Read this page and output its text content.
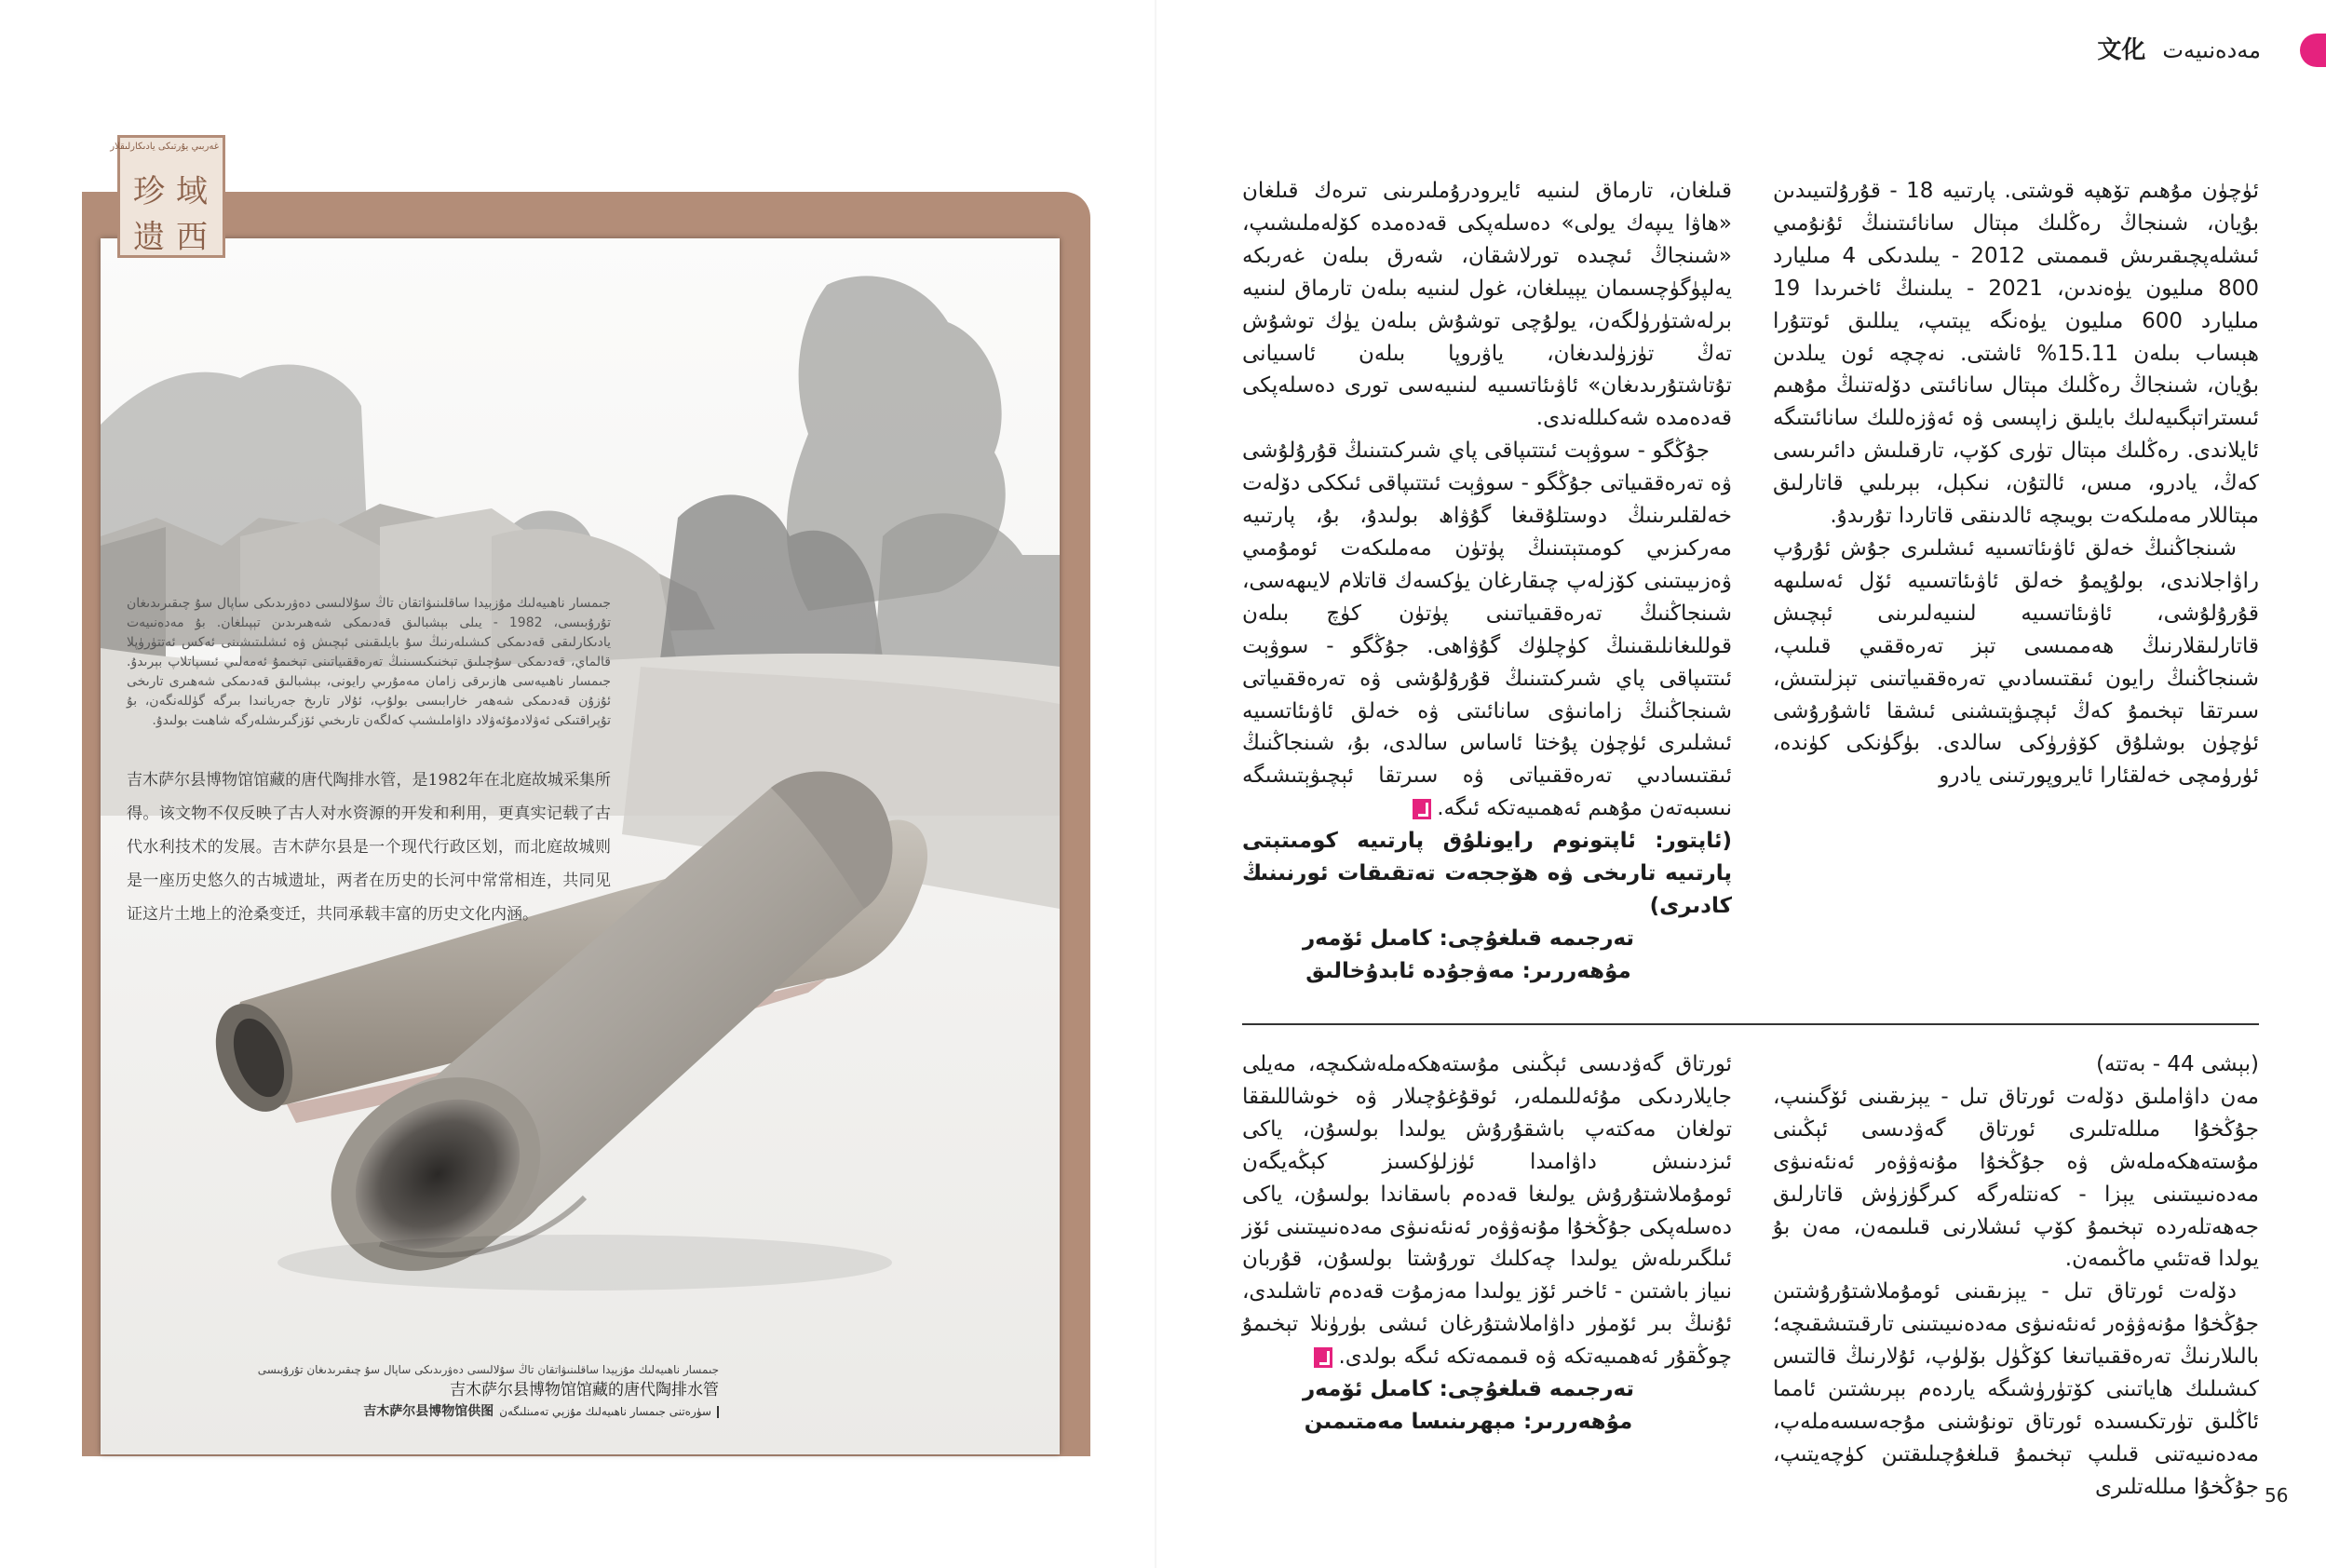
文化 مەدەنىيەت
غەربىي يۇرتىكى يادىكارلىقلار
珍 域
遗 西
جىمسار ناھىيەلىك مۇزېيدا ساقلىنىۋاتقان تاڭ سۇلالىسى دەۋرىدىكى ساپال سۇ چىقىرىدىغان تۇرۇبىسى، 1982 - يىلى بېشبالىق قەدىمكى شەھىرىدىن تېپىلغان. بۇ مەدەنىيەت يادىكارلىقى قەدىمكى كىشىلەرنىڭ سۇ بايلىقىنى ئېچىش ۋە ئىشلىتىشىنى ئەكس ئەتتۈرۈپلا قالماي، قەدىمكى سۇچىلىق تېخنىكىسىنىڭ تەرەققىياتىنى تېخىمۇ ئەمەلىي ئىسپاتلاپ بېرىدۇ. جىمسار ناھىيەسى ھازىرقى زامان مەمۇرىي رايونى، بېشبالىق قەدىمكى شەھىرى تارىخى ئۇزۇن قەدىمكى شەھەر خارابىسى بولۇپ، ئۇلار تارىخ جەريانىدا بىرگە گۈللەنگەن، بۇ تۇپراقتىكى ئەۋلادمۇئەۋلاد داۋاملىشىپ كەلگەن تارىخىي ئۆزگىرىشلەرگە شاھىت بولىدۇ.
吉木萨尔县博物馆馆藏的唐代陶排水管，是1982年在北庭故城采集所得。该文物不仅反映了古人对水资源的开发和利用，更真实记载了古代水利技术的发展。吉木萨尔县是一个现代行政区划，而北庭故城则是一座历史悠久的古城遗址，两者在历史的长河中常常相连，共同见证这片土地上的沧桑变迁，共同承载丰富的历史文化内涵。
جىمسار ناھىيەلىك مۇزېيدا ساقلىنىۋاتقان تاڭ سۇلالىسى دەۋرىدىكى ساپال سۇ چىقىرىدىغان تۇرۇبىسى
吉木萨尔县博物馆馆藏的唐代陶排水管
吉木萨尔县博物馆供图 سۈرەتنى جىمسار ناھىيەلىك مۇزېي تەمىنلىگەن

ئۈچۈن مۇھىم تۆھپە قوشتى. پارتىيە 18 - قۇرۇلتىيىدىن بۇيان، شىنجاڭ رەڭلىك مېتال سانائىتىنىڭ ئۇنۇمىي ئىشلەپچىقىرىش قىممىتى 2012 - يىلىدىكى 4 مىليارد 800 مىليون يۈەندىن، 2021 - يىلىنىڭ ئاخىرىدا 19 مىليارد 600 مىليون يۈەنگە يېتىپ، يىللىق ئوتتۇرا ھېساب بىلەن 15.11% ئاشتى. نەچچە ئون يىلدىن بۇيان، شىنجاڭ رەڭلىك مېتال سانائىتى دۆلەتنىڭ مۇھىم ئىستراتېگىيەلىك بايلىق زاپىسى ۋە ئەۋزەللىك سانائىتىگە ئايلاندى. رەڭلىك مېتال تۈرى كۆپ، تارقىلىش دائىرىسى كەڭ، يادرو، مىس، ئالتۇن، نىكېل، بېرىلىي قاتارلىق مېتاللار مەملىكەت بويىچە ئالدىنقى قاتاردا تۇرىدۇ.

شىنجاڭنىڭ خەلق ئاۋىئاتسىيە ئىشلىرى جۇش ئۇرۇپ راۋاجلاندى، بولۇپمۇ خەلق ئاۋىئاتسىيە ئۆل ئەسلىھە قۇرۇلۇشى، ئاۋىئاتسىيە لىنىيەلىرىنى ئېچىش قاتارلىقلارنىڭ ھەممىسى تېز تەرەققىي قىلىپ، شىنجاڭنىڭ رايون ئىقتىسادىي تەرەققىياتىنى تېزلىتىش، سىرتقا تېخىمۇ كەڭ ئېچىۋېتىشنى ئىشقا ئاشۇرۇشى ئۈچۈن بوشلۇق كۆۋرۈكى سالدى. بۈگۈنكى كۈندە، ئۈرۈمچى خەلقئارا ئايروپورتىنى يادرو

قىلغان، تارماق لىنىيە ئايرودرۇملىرىنى تىرەك قىلغان «ھاۋا يىپەك يولى» دەسلەپكى قەدەمدە كۆلەملىشىپ، «شىنجاڭ ئىچىدە تورلاشقان، شەرق بىلەن غەربكە يەلپۈگۈچسىمان يېيىلغان، غول لىنىيە بىلەن تارماق لىنىيە برلەشتۈرۈلگەن، يولۇچى توشۇش بىلەن يۈك توشۇش تەڭ تۈزۈلىدىغان، ياۋروپا بىلەن ئاسىيانى تۇتاشتۇرىدىغان» ئاۋىئاتسىيە لىنىيەسى تورى دەسلەپكى قەدەمدە شەكىللەندى.

جۇڭگو - سوۋېت ئىتتىپاقى پاي شىركىتىنىڭ قۇرۇلۇشى ۋە تەرەققىياتى جۇڭگو - سوۋېت ئىتتىپاقى ئىككى دۆلەت خەلقلىرىنىڭ دوستلۇقىغا گۇۋاھ بولىدۇ، بۇ، پارتىيە مەركىزىي كومىتېتىنىڭ پۈتۈن مەملىكەت ئومۇمىي ۋەزىيىتىنى كۆزلەپ چىقارغان يۈكسەك قاتلام لايىھەسى، شىنجاڭنىڭ تەرەققىياتىنى پۈتۈن كۈچ بىلەن قوللىغانلىقىنىڭ كۈچلۈك گۇۋاھى. جۇڭگو - سوۋېت ئىتتىپاقى پاي شىركىتىنىڭ قۇرۇلۇشى ۋە تەرەققىياتى شىنجاڭنىڭ زامانىۋى سانائىتى ۋە خەلق ئاۋىئاتسىيە ئىشلىرى ئۈچۈن پۇختا ئاساس سالدى، بۇ، شىنجاڭنىڭ ئىقتىسادىي تەرەققىياتى ۋە سىرتقا ئېچىۋېتىشىگە نىسبەتەن مۇھىم ئەھمىيەتكە ئىگە.

(ئاپتور: ئاپتونوم رايونلۇق پارتىيە كومىتېتى پارتىيە تارىخى ۋە ھۆججەت تەتقىقات ئورنىنىڭ كادىرى)

تەرجىمە قىلغۇچى: كامىل ئۆمەر

مۇھەررىر: مەۋجۇدە ئابدۇخالىق

(بېشى 44 - بەتتە)

مەن داۋاملىق دۆلەت ئورتاق تىل - يېزىقىنى ئۆگىنىپ، جۇڭخۇا مىللەتلىرى ئورتاق گەۋدىسى ئېڭىنى مۇستەھكەملەش ۋە جۇڭخۇا مۇنەۋۋەر ئەنئەنىۋى مەدەنىيىتىنى يېزا - كەنتلەرگە كىرگۈزۈش قاتارلىق جەھەتلەردە تېخىمۇ كۆپ ئىشلارنى قىلىمەن، مەن بۇ يولدا قەتئىي ماڭىمەن.

دۆلەت ئورتاق تىل - يېزىقىنى ئومۇملاشتۇرۇشتىن جۇڭخۇا مۇنەۋۋەر ئەنئەنىۋى مەدەنىيىتىنى تارقىتىشقىچە؛ بالىلارنىڭ تەرەققىياتىغا كۆڭۈل بۆلۈپ، ئۇلارنىڭ قالتىس كىشىلىك ھاياتىنى كۆتۈرۈشىگە ياردەم بېرىشتىن ئامما ئاڭلىق تۈرتكىسىدە ئورتاق تونۇشنى مۇجەسسەملەپ، مەدەنىيەتنى قىلىپ تېخىمۇ قىلغۇچىلىقتىن كۈچەيتىپ، جۇڭخۇا مىللەتلىرى

ئورتاق گەۋدىسى ئېڭىنى مۇستەھكەملەشكىچە، مەيلى جايلاردىكى مۇئەللىملەر، ئوقۇغۇچىلار ۋە خوشاللىققا تولغان مەكتەپ باشقۇرۇش يولىدا بولسۇن، ياكى ئىزدىنىش داۋامىدا ئۈزلۈكسىز كېڭەيگەن ئومۇملاشتۇرۇش يولىغا قەدەم باسقاندا بولسۇن، ياكى دەسلەپكى جۇڭخۇا مۇنەۋۋەر ئەنئەنىۋى مەدەنىيىتىنى ئۆز ئىلگىرىلەش يولىدا چەكلىك تورۇشتا بولسۇن، قۇربان نىياز باشتىن - ئاخىر ئۆز يولىدا مەزمۇت قەدەم تاشلىدى، ئۇنىڭ بىر ئۆمۈر داۋاملاشتۇرغان ئىشى بۈرۈنلا تېخىمۇ چوڭقۇر ئەھمىيەتكە ۋە قىممەتكە ئىگە بولدى.

تەرجىمە قىلغۇچى: كامىل ئۆمەر

مۇھەررىر: مېھرىنىسا مەمتىمىن

56
